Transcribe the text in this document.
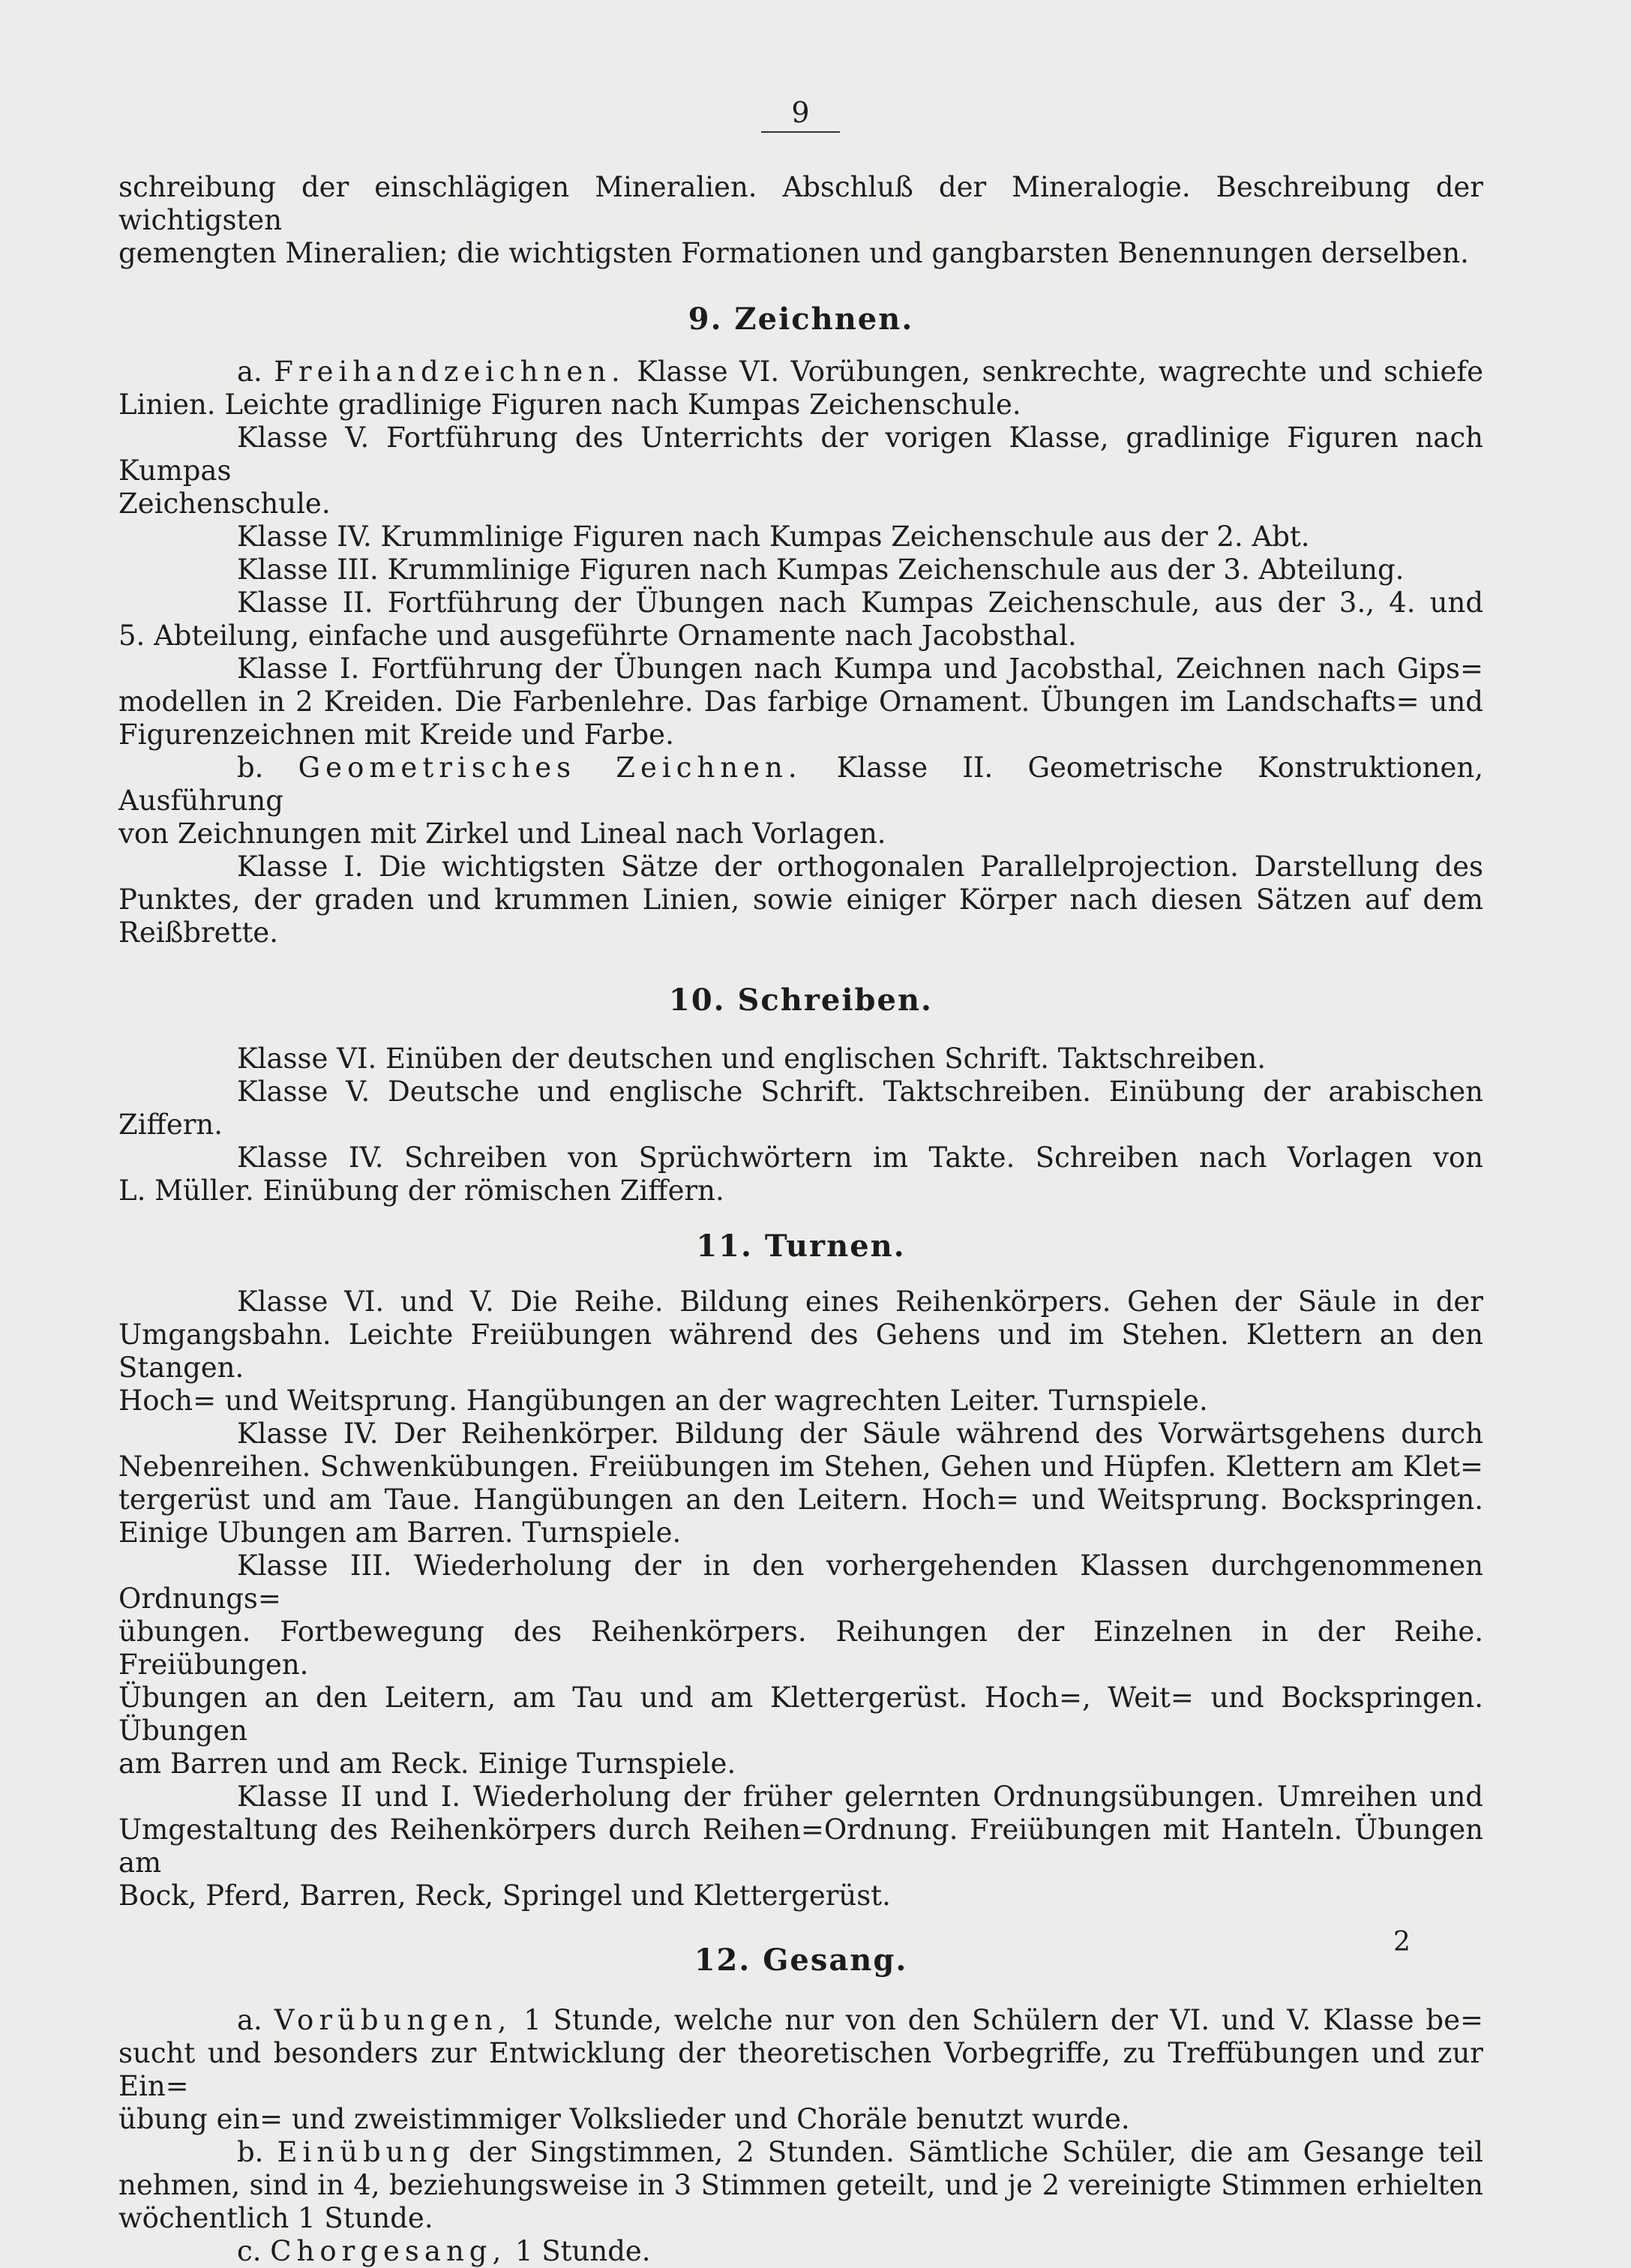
9

schreibung der einschlägigen Mineralien. Abschluß der Mineralogie. Beschreibung der wichtigsten

gemengten Mineralien; die wichtigsten Formationen und gangbarsten Benennungen derselben.

9. Zeichnen.

a. Freihandzeichnen. Klasse VI. Vorübungen, senkrechte, wagrechte und schiefe

Linien. Leichte gradlinige Figuren nach Kumpas Zeichenschule.

Klasse V. Fortführung des Unterrichts der vorigen Klasse, gradlinige Figuren nach Kumpas

Zeichenschule.

Klasse IV. Krummlinige Figuren nach Kumpas Zeichenschule aus der 2. Abt.

Klasse III. Krummlinige Figuren nach Kumpas Zeichenschule aus der 3. Abteilung.

Klasse II. Fortführung der Übungen nach Kumpas Zeichenschule, aus der 3., 4. und

5. Abteilung, einfache und ausgeführte Ornamente nach Jacobsthal.

Klasse I. Fortführung der Übungen nach Kumpa und Jacobsthal, Zeichnen nach Gips=

modellen in 2 Kreiden. Die Farbenlehre. Das farbige Ornament. Übungen im Landschafts= und

Figurenzeichnen mit Kreide und Farbe.

b. Geometrisches Zeichnen. Klasse II. Geometrische Konstruktionen, Ausführung

von Zeichnungen mit Zirkel und Lineal nach Vorlagen.

Klasse I. Die wichtigsten Sätze der orthogonalen Parallelprojection. Darstellung des

Punktes, der graden und krummen Linien, sowie einiger Körper nach diesen Sätzen auf dem Reißbrette.

10. Schreiben.

Klasse VI. Einüben der deutschen und englischen Schrift. Taktschreiben.

Klasse V. Deutsche und englische Schrift. Taktschreiben. Einübung der arabischen Ziffern.

Klasse IV. Schreiben von Sprüchwörtern im Takte. Schreiben nach Vorlagen von

L. Müller. Einübung der römischen Ziffern.

11. Turnen.

Klasse VI. und V. Die Reihe. Bildung eines Reihenkörpers. Gehen der Säule in der

Umgangsbahn. Leichte Freiübungen während des Gehens und im Stehen. Klettern an den Stangen.

Hoch= und Weitsprung. Hangübungen an der wagrechten Leiter. Turnspiele.

Klasse IV. Der Reihenkörper. Bildung der Säule während des Vorwärtsgehens durch

Nebenreihen. Schwenkübungen. Freiübungen im Stehen, Gehen und Hüpfen. Klettern am Klet=

tergerüst und am Taue. Hangübungen an den Leitern. Hoch= und Weitsprung. Bockspringen.

Einige Ubungen am Barren. Turnspiele.

Klasse III. Wiederholung der in den vorhergehenden Klassen durchgenommenen Ordnungs=

übungen. Fortbewegung des Reihenkörpers. Reihungen der Einzelnen in der Reihe. Freiübungen.

Übungen an den Leitern, am Tau und am Klettergerüst. Hoch=, Weit= und Bockspringen. Übungen

am Barren und am Reck. Einige Turnspiele.

Klasse II und I. Wiederholung der früher gelernten Ordnungsübungen. Umreihen und

Umgestaltung des Reihenkörpers durch Reihen=Ordnung. Freiübungen mit Hanteln. Übungen am

Bock, Pferd, Barren, Reck, Springel und Klettergerüst.

12. Gesang.

a. Vorübungen, 1 Stunde, welche nur von den Schülern der VI. und V. Klasse be=

sucht und besonders zur Entwicklung der theoretischen Vorbegriffe, zu Treffübungen und zur Ein=

übung ein= und zweistimmiger Volkslieder und Choräle benutzt wurde.

b. Einübung der Singstimmen, 2 Stunden. Sämtliche Schüler, die am Gesange teil

nehmen, sind in 4, beziehungsweise in 3 Stimmen geteilt, und je 2 vereinigte Stimmen erhielten

wöchentlich 1 Stunde.

c. Chorgesang, 1 Stunde.

2
